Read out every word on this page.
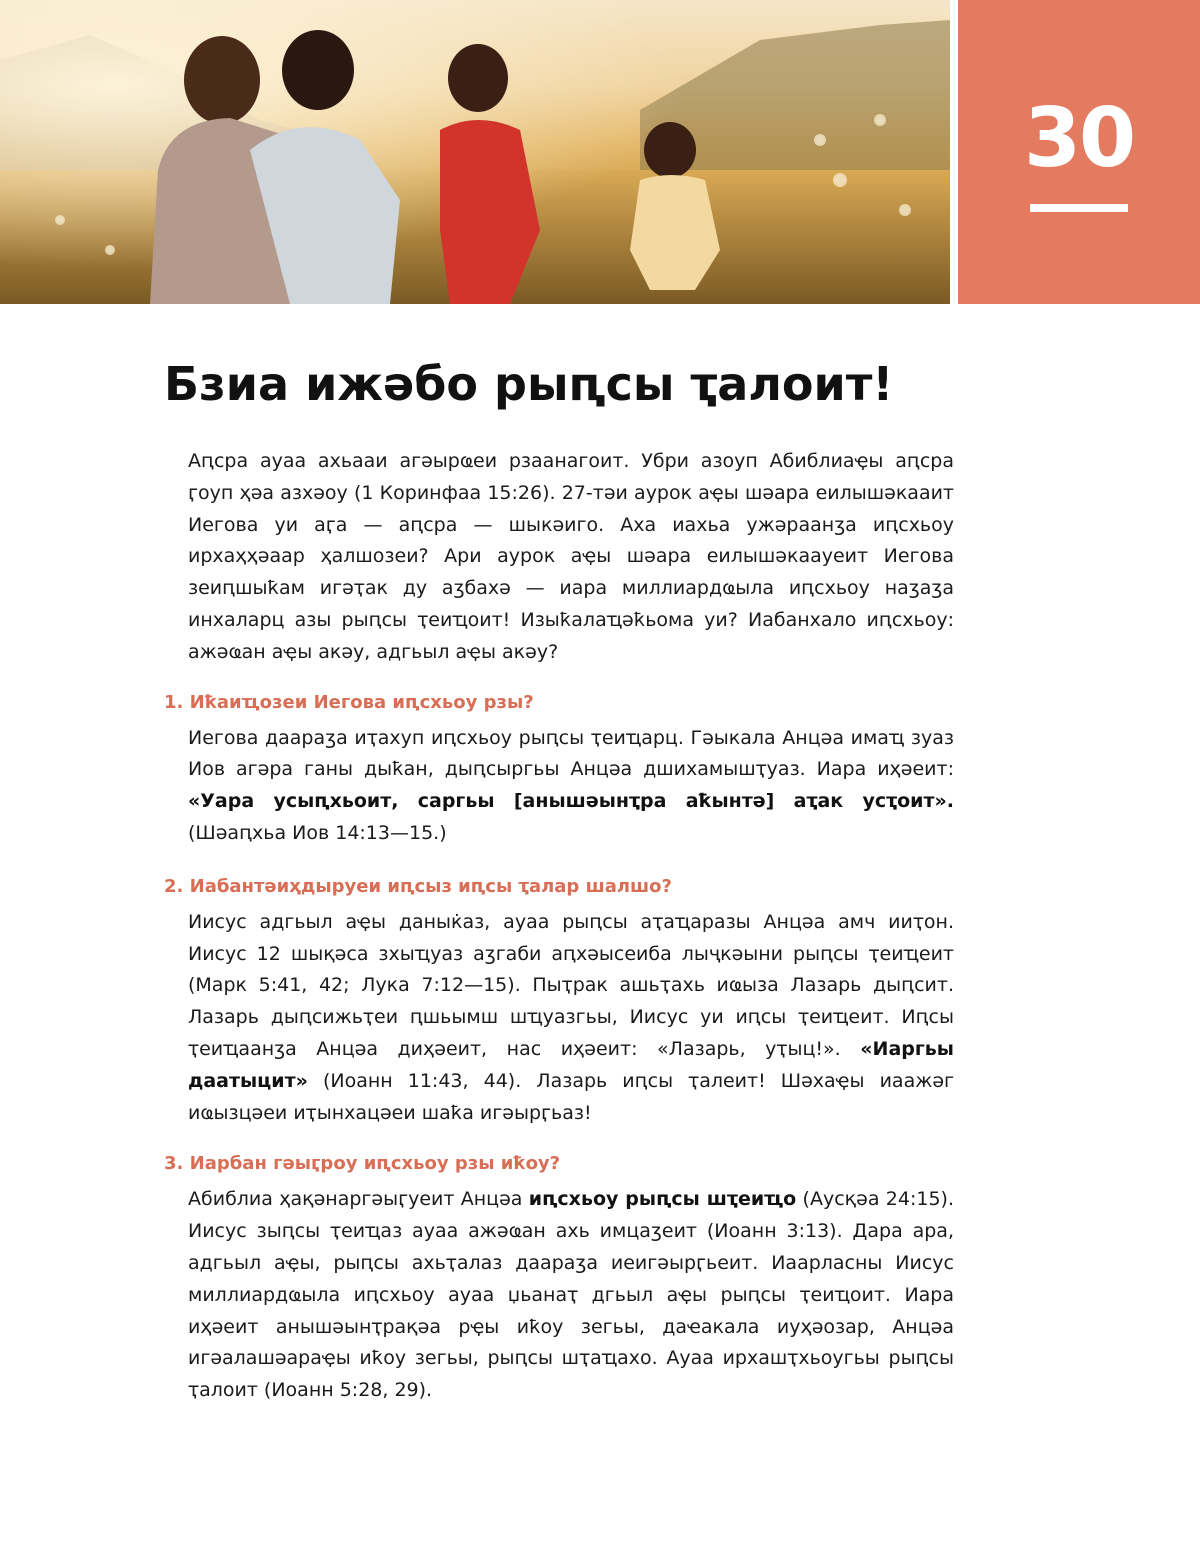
30
Бзиа ижәбо рыԥсы ҭалоит!

Аԥсра ауаа ахьааи агәырҩеи рзаанагоит. Убри азоуп Абиблиаҿы аԥсра ӷоуп ҳәа азхәоу (1 Коринфаа 15:26). 27-тәи аурок аҿы шәара еилышәкааит Иегова уи аӷа — аԥсра — шыкәиго. Аха иахьа ужәраанӡа иԥсхьоу ирхаҳҳәаар ҳалшозеи? Ари аурок аҿы шәара еилышәкаауеит Иегова зеиԥшыҟам игәҭак ду аӡбахә — иара миллиардҩыла иԥсхьоу наӡаӡа инхаларц азы рыԥсы ҭеиҵоит! Изыҟалаҵәҟьома уи? Иабанхало иԥсхьоу: ажәҩан аҿы акәу, адгьыл аҿы акәу?

1. Иҟаиҵозеи Иегова иԥсхьоу рзы?

Иегова даараӡа иҭахуп иԥсхьоу рыԥсы ҭеиҵарц. Гәыкала Анцәа имаҵ зуаз Иов агәра ганы дыҟан, дыԥсыргьы Анцәа дшихамышҭуаз. Иара иҳәеит: «Уара усыԥхьоит, саргьы [анышәынҭра аҟынтә] аҭак усҭоит». (Шәаԥхьа Иов 14:13—15.)

2. Иабантәиҳдыруеи иԥсыз иԥсы ҭалар шалшо?

Иисус адгьыл аҿы данык̇аз, ауаа рыԥсы аҭаҵаразы Анцәа амч ииҭон. Иисус 12 шықәса зхыҵуаз аӡгаби аԥхәысеиба лыҷкәыни рыԥсы ҭеиҵеит (Марк 5:41, 42; Лука 7:12—15). Пыҭрак ашьҭахь иҩыза Лазарь дыԥсит. Лазарь дыԥсижьҭеи ԥшьымш шҵуазгьы, Иисус уи иԥсы ҭеиҵеит. Иԥсы ҭеиҵаанӡа Анцәа диҳәеит, нас иҳәеит: «Лазарь, уҭыц!». «Иаргьы даатыцит» (Иоанн 11:43, 44). Лазарь иԥсы ҭалеит! Шәхаҿы иаажәг иҩызцәеи иҭынхацәеи шаҟа игәырӷьаз!

3. Иарбан гәыӷроу иԥсхьоу рзы иҟоу?

Абиблиа ҳақәнаргәыӷуеит Анцәа иԥсхьоу рыԥсы шҭеиҵо (Аусқәа 24:15). Иисус зыԥсы ҭеиҵаз ауаа ажәҩан ахь имцаӡеит (Иоанн 3:13). Дара ара, адгьыл аҿы, рыԥсы ахьҭалаз даараӡа иеигәырӷьеит. Иаарласны Иисус миллиардҩыла иԥсхьоу ауаа џьанаҭ дгьыл аҿы рыԥсы ҭеиҵоит. Иара иҳәеит анышәынҭрақәа рҿы иҟоу зегьы, даҽакала иуҳәозар, Анцәа игәалашәараҿы иҟоу зегьы, рыԥсы шҭаҵахо. Ауаа ирхашҭхьоугьы рыԥсы ҭалоит (Иоанн 5:28, 29).
